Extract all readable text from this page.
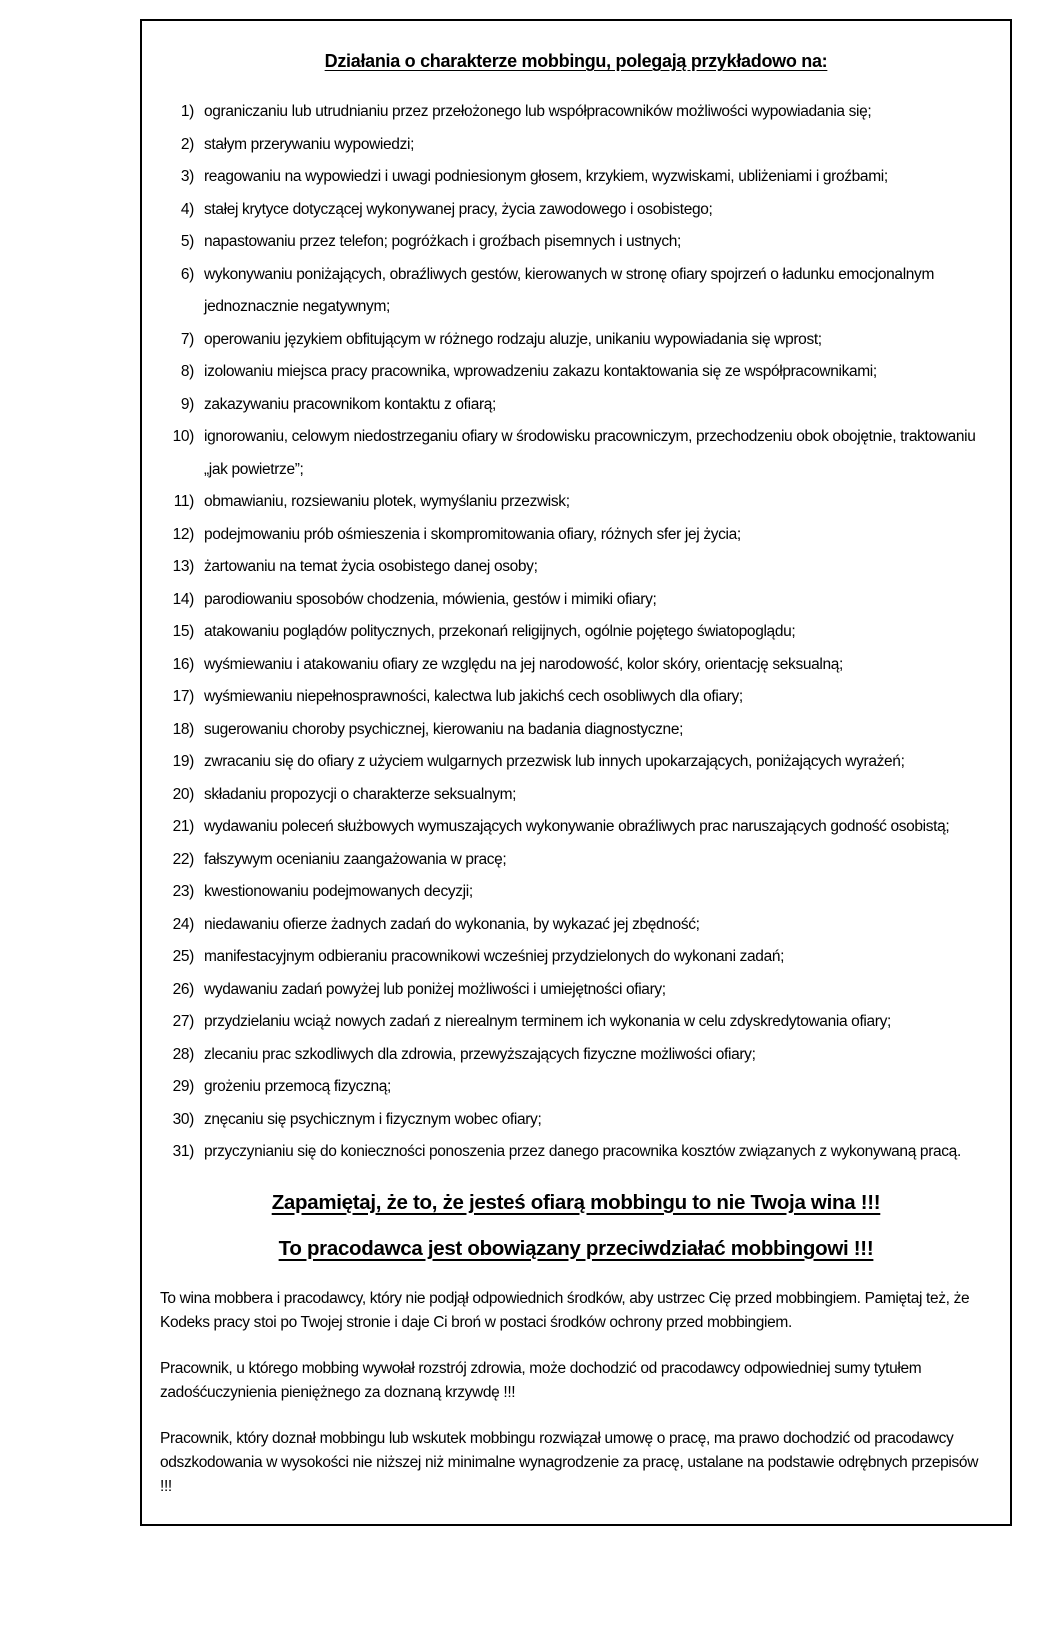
Działania o charakterze mobbingu, polegają przykładowo na:
1) ograniczaniu lub utrudnianiu przez przełożonego lub współpracowników możliwości wypowiadania się;
2) stałym przerywaniu wypowiedzi;
3) reagowaniu na wypowiedzi i uwagi podniesionym głosem, krzykiem, wyzwiskami, ubliżeniami i groźbami;
4) stałej krytyce dotyczącej wykonywanej pracy, życia zawodowego i osobistego;
5) napastowaniu przez telefon; pogróżkach i groźbach pisemnych i ustnych;
6) wykonywaniu poniżających, obraźliwych gestów, kierowanych w stronę ofiary spojrzeń o ładunku emocjonalnym jednoznacznie negatywnym;
7) operowaniu językiem obfitującym w różnego rodzaju aluzje, unikaniu wypowiadania się wprost;
8) izolowaniu miejsca pracy pracownika, wprowadzeniu zakazu kontaktowania się ze współpracownikami;
9) zakazywaniu pracownikom kontaktu z ofiarą;
10) ignorowaniu, celowym niedostrzeganiu ofiary w środowisku pracowniczym, przechodzeniu obok obojętnie, traktowaniu „jak powietrze”;
11) obmawianiu, rozsiewaniu plotek, wymyślaniu przezwisk;
12) podejmowaniu prób ośmieszenia i skompromitowania ofiary, różnych sfer jej życia;
13) żartowaniu na temat życia osobistego danej osoby;
14) parodiowaniu sposobów chodzenia, mówienia, gestów i mimiki ofiary;
15) atakowaniu poglądów politycznych, przekonań religijnych, ogólnie pojętego światopoglądu;
16) wyśmiewaniu i atakowaniu ofiary ze względu na jej narodowość, kolor skóry, orientację seksualną;
17) wyśmiewaniu niepełnosprawności, kalectwa lub jakichś cech osobliwych dla ofiary;
18) sugerowaniu choroby psychicznej, kierowaniu na badania diagnostyczne;
19) zwracaniu się do ofiary z użyciem wulgarnych przezwisk lub innych upokarzających, poniżających wyrażeń;
20) składaniu propozycji o charakterze seksualnym;
21) wydawaniu poleceń służbowych wymuszających wykonywanie obraźliwych prac naruszających godność osobistą;
22) fałszywym ocenianiu zaangażowania w pracę;
23) kwestionowaniu podejmowanych decyzji;
24) niedawaniu ofierze żadnych zadań do wykonania, by wykazać jej zbędność;
25) manifestacyjnym odbieraniu pracownikowi wcześniej przydzielonych do wykonani zadań;
26) wydawaniu zadań powyżej lub poniżej możliwości i umiejętności ofiary;
27) przydzielaniu wciąż nowych zadań z nierealnym terminem ich wykonania w celu zdyskredytowania ofiary;
28) zlecaniu prac szkodliwych dla zdrowia, przewyższających fizyczne możliwości ofiary;
29) grożeniu przemocą fizyczną;
30) znęcaniu się psychicznym i fizycznym wobec ofiary;
31) przyczynianiu się do konieczności ponoszenia przez danego pracownika kosztów związanych z wykonywaną pracą.
Zapamiętaj, że to, że jesteś ofiarą mobbingu to nie Twoja wina !!!
To pracodawca jest obowiązany przeciwdziałać mobbingowi !!!

To wina mobbera i pracodawcy, który nie podjął odpowiednich środków, aby ustrzec Cię przed mobbingiem. Pamiętaj też, że Kodeks pracy stoi po Twojej stronie i daje Ci broń w postaci środków ochrony przed mobbingiem.

Pracownik, u którego mobbing wywołał rozstrój zdrowia, może dochodzić od pracodawcy odpowiedniej sumy tytułem zadośćuczynienia pieniężnego za doznaną krzywdę !!!

Pracownik, który doznał mobbingu lub wskutek mobbingu rozwiązał umowę o pracę, ma prawo dochodzić od pracodawcy odszkodowania w wysokości nie niższej niż minimalne wynagrodzenie za pracę, ustalane na podstawie odrębnych przepisów !!!
